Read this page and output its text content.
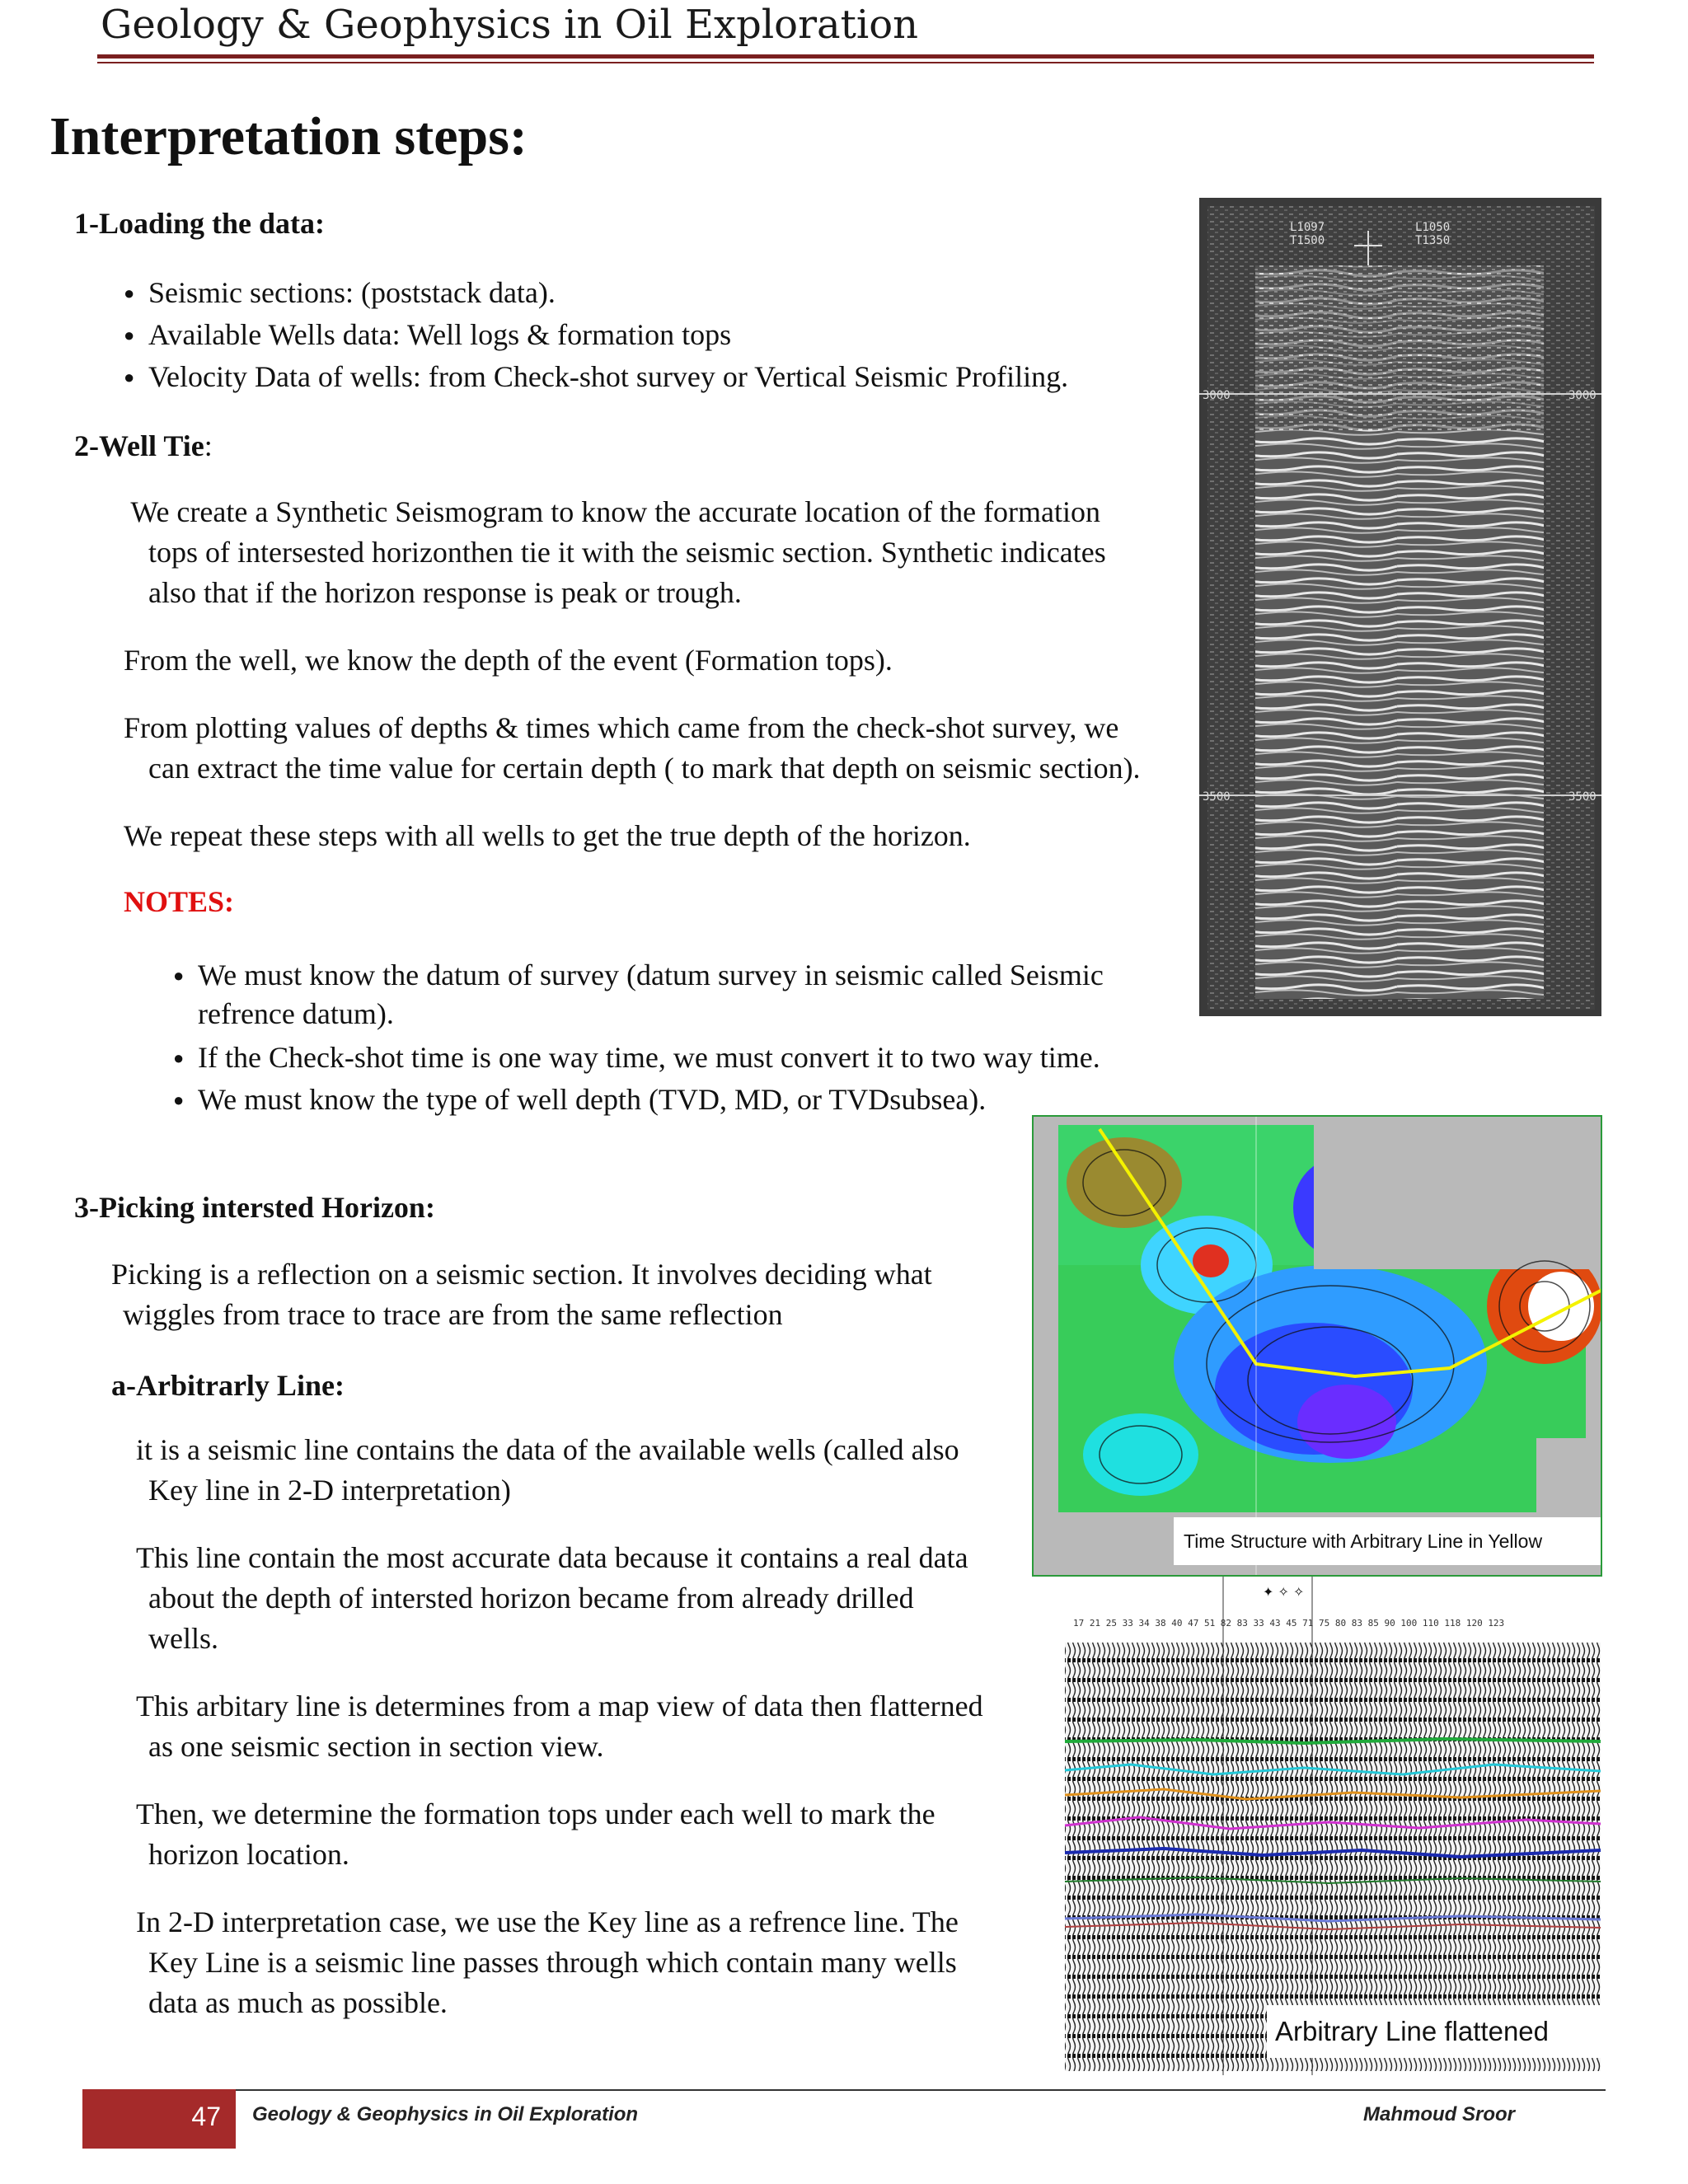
Geology & Geophysics in Oil Exploration
Interpretation steps:
1-Loading the data:
● Seismic sections: (poststack data).
● Available Wells data: Well logs & formation tops
● Velocity Data of wells: from Check-shot survey or Vertical Seismic Profiling.
2-Well Tie:
We create a Synthetic Seismogram to know the accurate location of the formation
tops of intersested horizonthen tie it with the seismic section. Synthetic indicates
also that if the horizon response is peak or trough.
From the well, we know the depth of the event (Formation tops).
From plotting values of depths & times which came from the check-shot survey, we
can extract the time value for certain depth ( to mark that depth on seismic section).
We repeat these steps with all wells to get the true depth of the horizon.
NOTES:
● We must know the datum of survey (datum survey in seismic called Seismic
refrence datum).
● If the Check-shot time is one way time, we must convert it to two way time.
● We must know the type of well depth (TVD, MD, or TVDsubsea).
3-Picking intersted Horizon:
Picking is a reflection on a seismic section. It involves deciding what
wiggles from trace to trace are from the same reflection
a-Arbitrarly Line:
it is a seismic line contains the data of the available wells (called also
Key line in 2-D interpretation)
This line contain the most accurate data because it contains a real data
about the depth of intersted horizon became from already drilled
wells.
This arbitary line is determines from a map view of data then flatterned
as one seismic section in section view.
Then, we determine the formation tops under each well to mark the
horizon location.
In 2-D interpretation case, we use the Key line as a refrence line. The
Key Line is a seismic line passes through which contain many wells
data as much as possible.
L1097
T1500
L1050
T1350
3000	3000
3500	3500
Time Structure with Arbitrary Line in Yellow
✦ ✧ ✧
17 21 25 33 34 38 40 47 51 82 83 33 43 45 71 75 80 83 85 90 100 110 118 120 123
Arbitrary Line flattened
47 Geology & Geophysics in Oil Exploration	Mahmoud Sroor
